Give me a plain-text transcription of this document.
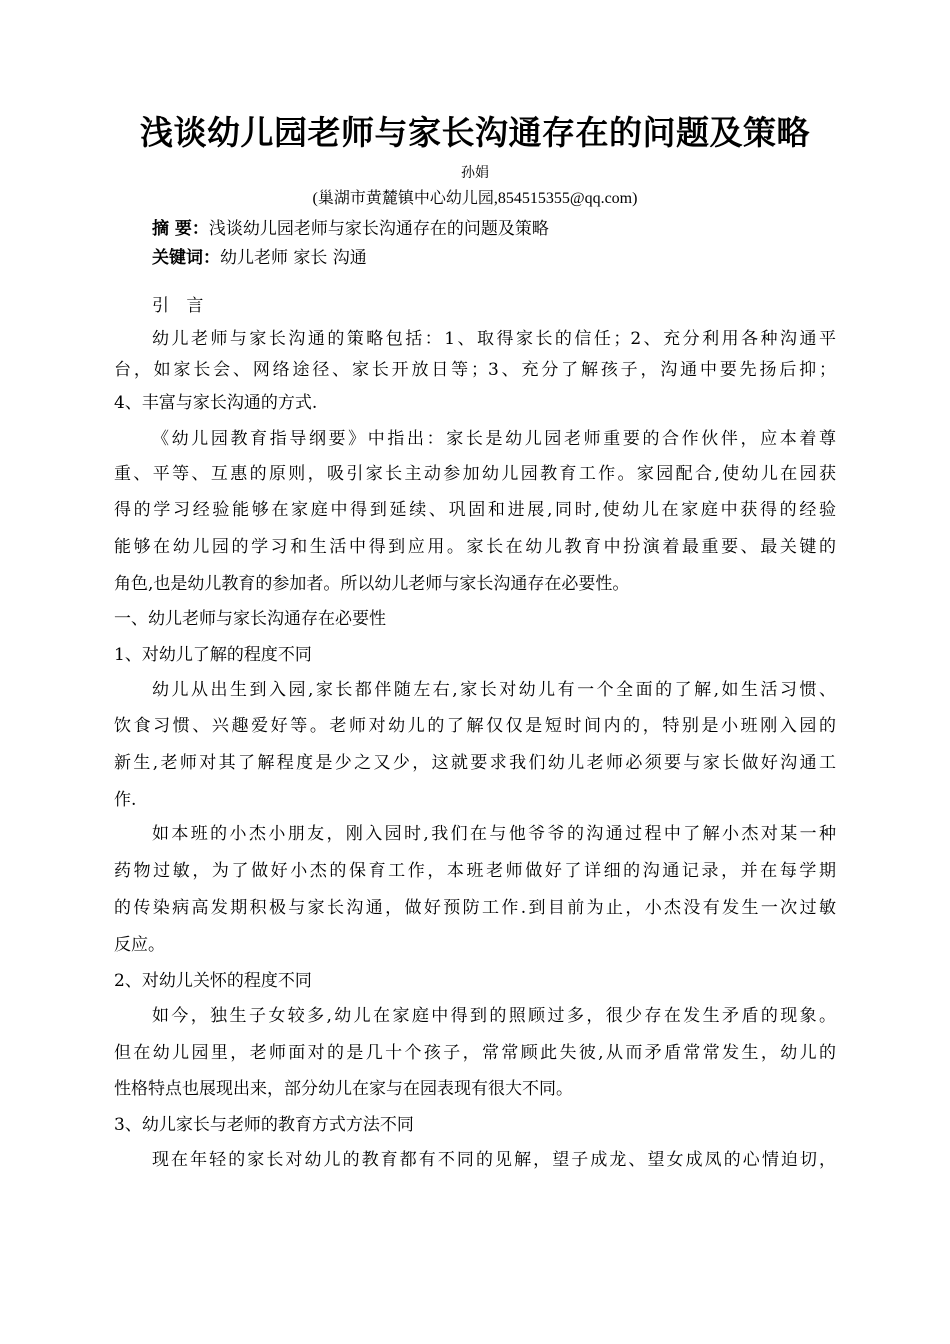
浅谈幼儿园老师与家长沟通存在的问题及策略
孙娟
(巢湖市黄麓镇中心幼儿园,854515355@qq.com)
摘 要：浅谈幼儿园老师与家长沟通存在的问题及策略
关键词：幼儿老师 家长 沟通
引 言
幼儿老师与家长沟通的策略包括：1、取得家长的信任；2、充分利用各种沟通平
台，如家长会、网络途径、家长开放日等；3、充分了解孩子，沟通中要先扬后抑；
4、丰富与家长沟通的方式.
《幼儿园教育指导纲要》中指出：家长是幼儿园老师重要的合作伙伴，应本着尊
重、平等、互惠的原则，吸引家长主动参加幼儿园教育工作。家园配合,使幼儿在园获
得的学习经验能够在家庭中得到延续、巩固和进展,同时,使幼儿在家庭中获得的经验
能够在幼儿园的学习和生活中得到应用。家长在幼儿教育中扮演着最重要、最关键的
角色,也是幼儿教育的参加者。所以幼儿老师与家长沟通存在必要性。
一、幼儿老师与家长沟通存在必要性
1、对幼儿了解的程度不同
幼儿从出生到入园,家长都伴随左右,家长对幼儿有一个全面的了解,如生活习惯、
饮食习惯、兴趣爱好等。老师对幼儿的了解仅仅是短时间内的，特别是小班刚入园的
新生,老师对其了解程度是少之又少，这就要求我们幼儿老师必须要与家长做好沟通工
作.
如本班的小杰小朋友，刚入园时,我们在与他爷爷的沟通过程中了解小杰对某一种
药物过敏，为了做好小杰的保育工作，本班老师做好了详细的沟通记录，并在每学期
的传染病高发期积极与家长沟通，做好预防工作.到目前为止，小杰没有发生一次过敏
反应。
2、对幼儿关怀的程度不同
如今，独生子女较多,幼儿在家庭中得到的照顾过多，很少存在发生矛盾的现象。
但在幼儿园里，老师面对的是几十个孩子，常常顾此失彼,从而矛盾常常发生，幼儿的
性格特点也展现出来，部分幼儿在家与在园表现有很大不同。
3、幼儿家长与老师的教育方式方法不同
现在年轻的家长对幼儿的教育都有不同的见解，望子成龙、望女成凤的心情迫切，
